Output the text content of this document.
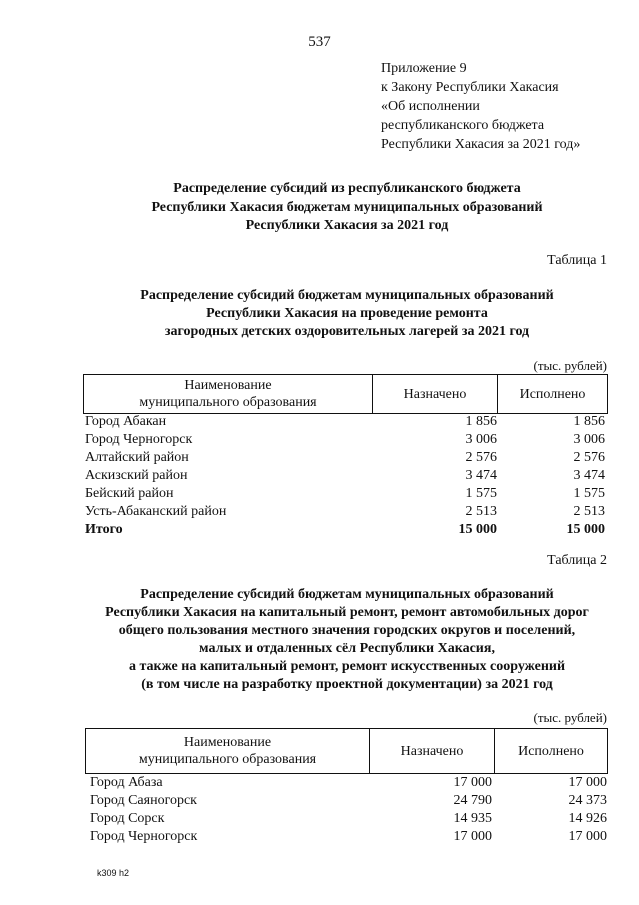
537
Приложение 9
к Закону Республики Хакасия
«Об исполнении
республиканского бюджета
Республики Хакасия за 2021 год»
Распределение субсидий из республиканского бюджета
Республики Хакасия бюджетам муниципальных образований
Республики Хакасия за 2021 год
Таблица 1
Распределение субсидий бюджетам муниципальных образований
Республики Хакасия на проведение ремонта
загородных детских оздоровительных лагерей за 2021 год
(тыс. рублей)
Наименование
муниципального образования
	Назначено	Исполнено
Город Абакан	1 856	1 856
Город Черногорск	3 006	3 006
Алтайский район	2 576	2 576
Аскизский район	3 474	3 474
Бейский район	1 575	1 575
Усть-Абаканский район	2 513	2 513
Итого	15 000	15 000
Таблица 2
Распределение субсидий бюджетам муниципальных образований
Республики Хакасия на капитальный ремонт, ремонт автомобильных дорог
общего пользования местного значения городских округов и поселений,
малых и отдаленных сёл Республики Хакасия,
а также на капитальный ремонт, ремонт искусственных сооружений
(в том числе на разработку проектной документации) за 2021 год
(тыс. рублей)
Наименование
муниципального образования
	Назначено	Исполнено
Город Абаза	17 000	17 000
Город Саяногорск	24 790	24 373
Город Сорск	14 935	14 926
Город Черногорск	17 000	17 000
k309 h2
